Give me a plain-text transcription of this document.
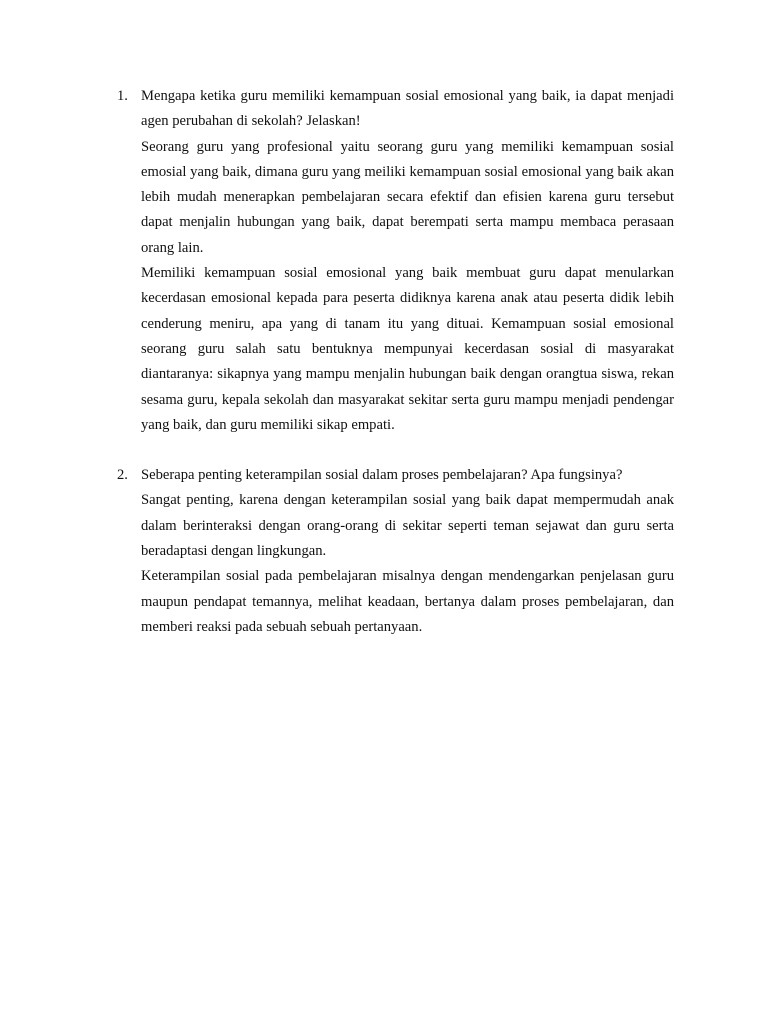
1. Mengapa ketika guru memiliki kemampuan sosial emosional yang baik, ia dapat menjadi agen perubahan di sekolah? Jelaskan!

Seorang guru yang profesional yaitu seorang guru yang memiliki kemampuan sosial emosial yang baik, dimana guru yang meiliki kemampuan sosial emosional yang baik akan lebih mudah menerapkan pembelajaran secara efektif dan efisien karena guru tersebut dapat menjalin hubungan yang baik, dapat berempati serta mampu membaca perasaan orang lain.

Memiliki kemampuan sosial emosional yang baik membuat guru dapat menularkan kecerdasan emosional kepada para peserta didiknya karena anak atau peserta didik lebih cenderung meniru, apa yang di tanam itu yang dituai. Kemampuan sosial emosional seorang guru salah satu bentuknya mempunyai kecerdasan sosial di masyarakat diantaranya: sikapnya yang mampu menjalin hubungan baik dengan orangtua siswa, rekan sesama guru, kepala sekolah dan masyarakat sekitar serta guru mampu menjadi pendengar yang baik, dan guru memiliki sikap empati.

2. Seberapa penting keterampilan sosial dalam proses pembelajaran? Apa fungsinya?

Sangat penting, karena dengan keterampilan sosial yang baik dapat mempermudah anak dalam berinteraksi dengan orang-orang di sekitar seperti teman sejawat dan guru serta beradaptasi dengan lingkungan.

Keterampilan sosial pada pembelajaran misalnya dengan mendengarkan penjelasan guru maupun pendapat temannya, melihat keadaan, bertanya dalam proses pembelajaran, dan memberi reaksi pada sebuah sebuah pertanyaan.
